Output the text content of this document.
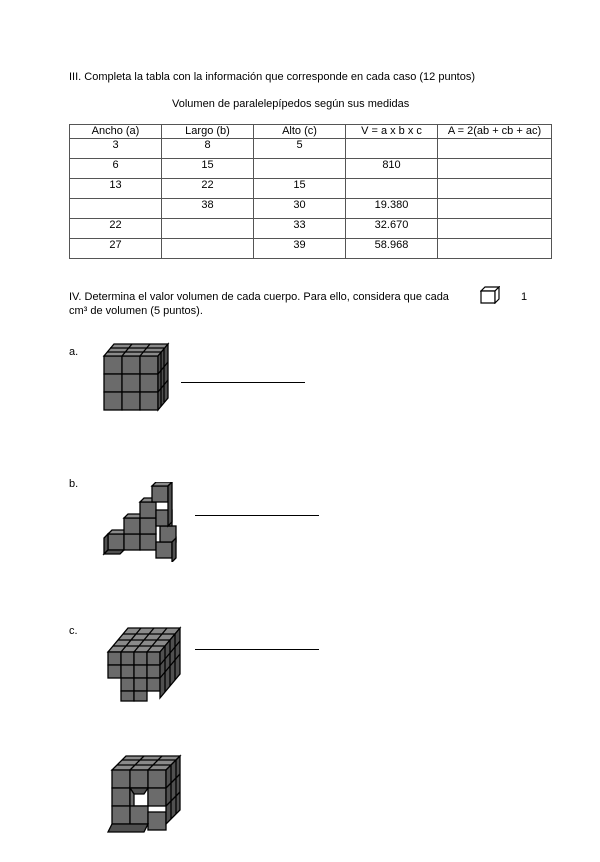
III. Completa la tabla con la información que corresponde en cada caso (12 puntos)
Volumen de paralelepípedos según sus medidas
Ancho (a)	Largo (b)	Alto (c)	V = a x b x c	A = 2(ab + cb + ac)
3	8	5		
6	15		810	
13	22	15		
	38	30	19.380	
22		33	32.670	
27		39	58.968	
IV. Determina el valor volumen de cada cuerpo. Para ello, considera que cada	1
cm³ de volumen (5 puntos).
a.
b.
c.
